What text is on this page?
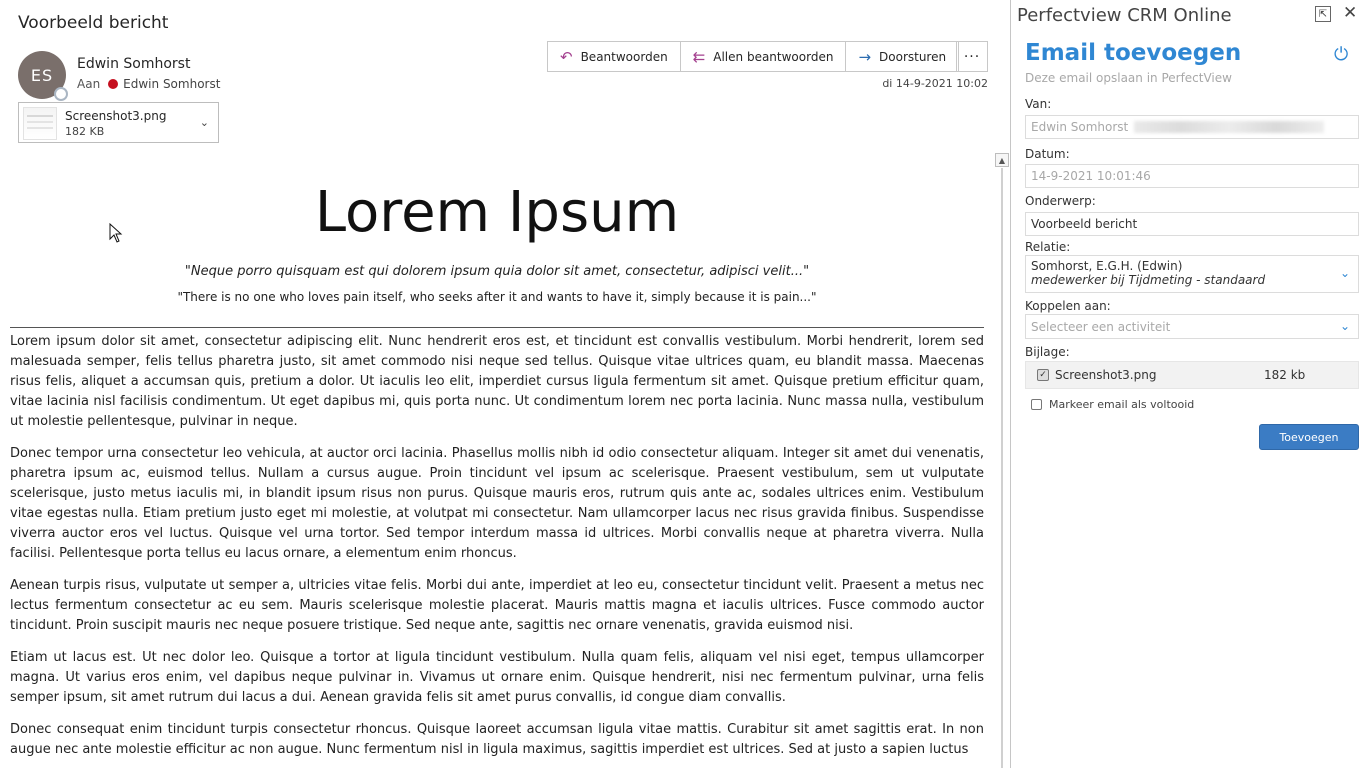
Voorbeeld bericht
ES
Edwin Somhorst
Aan Edwin Somhorst
Screenshot3.png
182 KB
⌄
↶ Beantwoorden ⇇ Allen beantwoorden → Doorsturen	···
di 14-9-2021 10:02
▲
Lorem Ipsum
"Neque porro quisquam est qui dolorem ipsum quia dolor sit amet, consectetur, adipisci velit..."
"There is no one who loves pain itself, who seeks after it and wants to have it, simply because it is pain..."

Lorem ipsum dolor sit amet, consectetur adipiscing elit. Nunc hendrerit eros est, et tincidunt est convallis vestibulum. Morbi hendrerit, lorem sed malesuada semper, felis tellus pharetra justo, sit amet commodo nisi neque sed tellus. Quisque vitae ultrices quam, eu blandit massa. Maecenas risus felis, aliquet a accumsan quis, pretium a dolor. Ut iaculis leo elit, imperdiet cursus ligula fermentum sit amet. Quisque pretium efficitur quam, vitae lacinia nisl facilisis condimentum. Ut eget dapibus mi, quis porta nunc. Ut condimentum lorem nec porta lacinia. Nunc massa nulla, vestibulum ut molestie pellentesque, pulvinar in neque.

Donec tempor urna consectetur leo vehicula, at auctor orci lacinia. Phasellus mollis nibh id odio consectetur aliquam. Integer sit amet dui venenatis, pharetra ipsum ac, euismod tellus. Nullam a cursus augue. Proin tincidunt vel ipsum ac scelerisque. Praesent vestibulum, sem ut vulputate scelerisque, justo metus iaculis mi, in blandit ipsum risus non purus. Quisque mauris eros, rutrum quis ante ac, sodales ultrices enim. Vestibulum vitae egestas nulla. Etiam pretium justo eget mi molestie, at volutpat mi consectetur. Nam ullamcorper lacus nec risus gravida finibus. Suspendisse viverra auctor eros vel luctus. Quisque vel urna tortor. Sed tempor interdum massa id ultrices. Morbi convallis neque at pharetra viverra. Nulla facilisi. Pellentesque porta tellus eu lacus ornare, a elementum enim rhoncus.

Aenean turpis risus, vulputate ut semper a, ultricies vitae felis. Morbi dui ante, imperdiet at leo eu, consectetur tincidunt velit. Praesent a metus nec lectus fermentum consectetur ac eu sem. Mauris scelerisque molestie placerat. Mauris mattis magna et iaculis ultrices. Fusce commodo auctor tincidunt. Proin suscipit mauris nec neque posuere tristique. Sed neque ante, sagittis nec ornare venenatis, gravida euismod nisi.

Etiam ut lacus est. Ut nec dolor leo. Quisque a tortor at ligula tincidunt vestibulum. Nulla quam felis, aliquam vel nisi eget, tempus ullamcorper magna. Ut varius eros enim, vel dapibus neque pulvinar in. Vivamus ut ornare enim. Quisque hendrerit, nisi nec fermentum pulvinar, urna felis semper ipsum, sit amet rutrum dui lacus a dui. Aenean gravida felis sit amet purus convallis, id congue diam convallis.

Donec consequat enim tincidunt turpis consectetur rhoncus. Quisque laoreet accumsan ligula vitae mattis. Curabitur sit amet sagittis erat. In non augue nec ante molestie efficitur ac non augue. Nunc fermentum nisl in ligula maximus, sagittis imperdiet est ultrices. Sed at justo a sapien luctus

Perfectview CRM Online	⇱ ✕
Email toevoegen	⏻
Deze email opslaan in PerfectView
Van:
Edwin Somhorst
Datum:
14-9-2021 10:01:46
Onderwerp:
Voorbeeld bericht
Relatie:
Somhorst, E.G.H. (Edwin)
medewerker bij Tijdmeting - standaard	⌄
Koppelen aan:
Selecteer een activiteit	⌄
Bijlage:
✓ Screenshot3.png	182 kb
Markeer email als voltooid
Toevoegen
